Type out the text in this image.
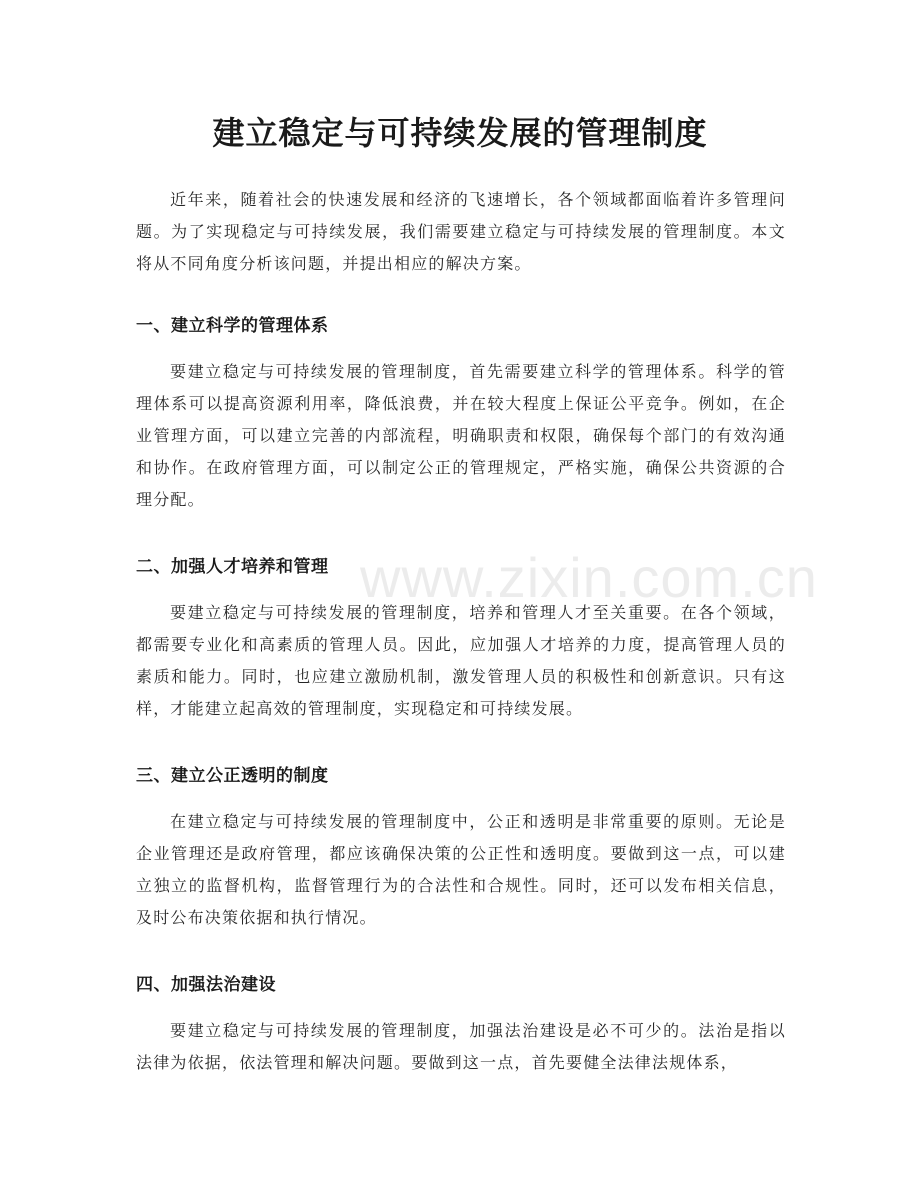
建立稳定与可持续发展的管理制度

近年来，随着社会的快速发展和经济的飞速增长，各个领域都面临着许多管理问题。为了实现稳定与可持续发展，我们需要建立稳定与可持续发展的管理制度。本文将从不同角度分析该问题，并提出相应的解决方案。

一、建立科学的管理体系

要建立稳定与可持续发展的管理制度，首先需要建立科学的管理体系。科学的管理体系可以提高资源利用率，降低浪费，并在较大程度上保证公平竞争。例如，在企业管理方面，可以建立完善的内部流程，明确职责和权限，确保每个部门的有效沟通和协作。在政府管理方面，可以制定公正的管理规定，严格实施，确保公共资源的合理分配。

二、加强人才培养和管理

要建立稳定与可持续发展的管理制度，培养和管理人才至关重要。在各个领域，都需要专业化和高素质的管理人员。因此，应加强人才培养的力度，提高管理人员的素质和能力。同时，也应建立激励机制，激发管理人员的积极性和创新意识。只有这样，才能建立起高效的管理制度，实现稳定和可持续发展。

三、建立公正透明的制度

在建立稳定与可持续发展的管理制度中，公正和透明是非常重要的原则。无论是企业管理还是政府管理，都应该确保决策的公正性和透明度。要做到这一点，可以建立独立的监督机构，监督管理行为的合法性和合规性。同时，还可以发布相关信息，及时公布决策依据和执行情况。

四、加强法治建设

要建立稳定与可持续发展的管理制度，加强法治建设是必不可少的。法治是指以法律为依据，依法管理和解决问题。要做到这一点，首先要健全法律法规体系，

www.zixin.com.cn
